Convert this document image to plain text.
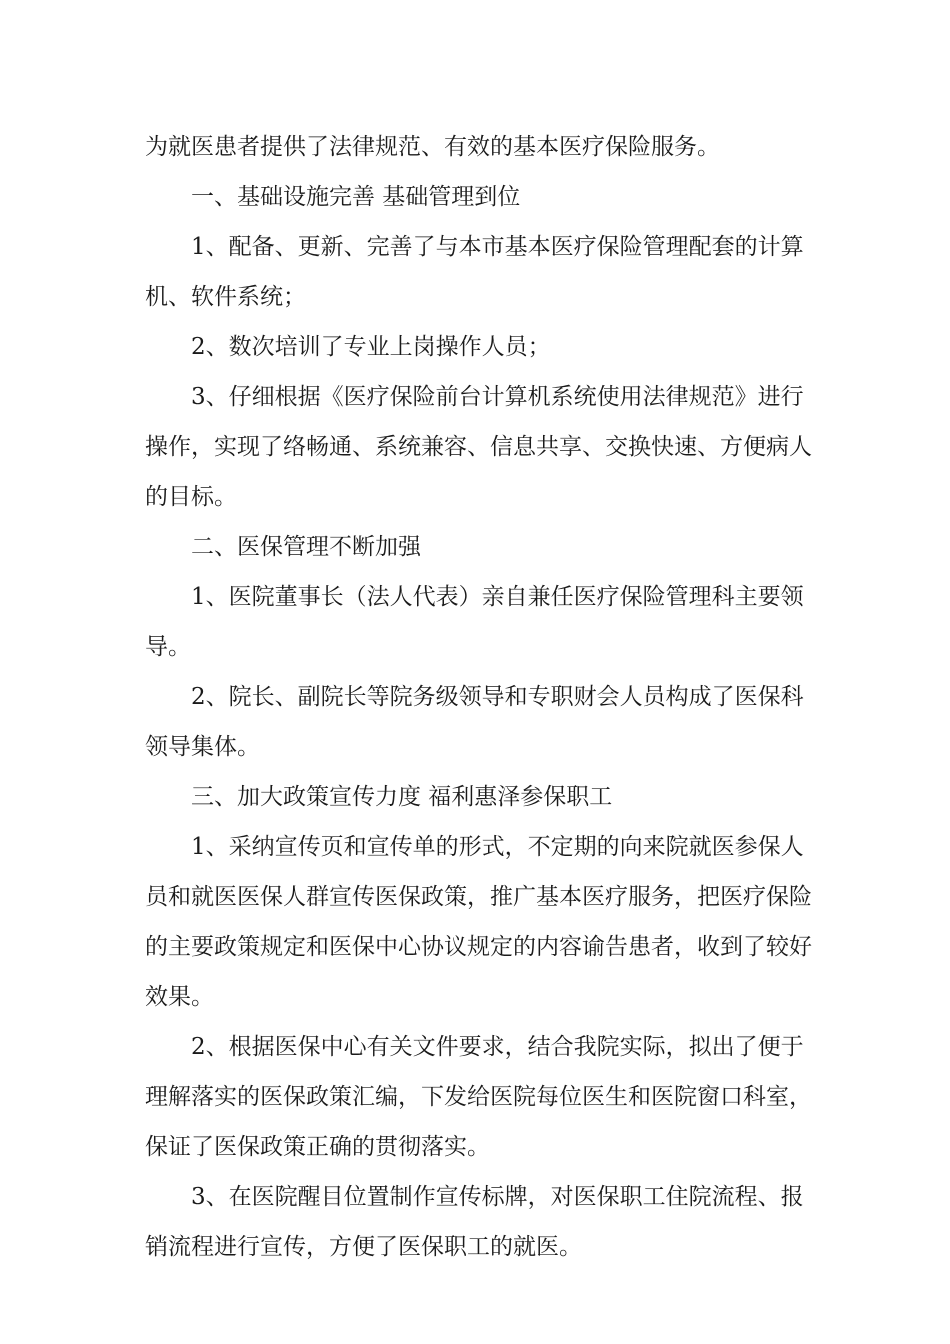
为就医患者提供了法律规范、有效的基本医疗保险服务。

一、基础设施完善 基础管理到位

1、配备、更新、完善了与本市基本医疗保险管理配套的计算机、软件系统；

2、数次培训了专业上岗操作人员；

3、仔细根据《医疗保险前台计算机系统使用法律规范》进行操作，实现了络畅通、系统兼容、信息共享、交换快速、方便病人的目标。

二、医保管理不断加强

1、医院董事长（法人代表）亲自兼任医疗保险管理科主要领导。

2、院长、副院长等院务级领导和专职财会人员构成了医保科领导集体。

三、加大政策宣传力度 福利惠泽参保职工

1、采纳宣传页和宣传单的形式，不定期的向来院就医参保人员和就医医保人群宣传医保政策，推广基本医疗服务，把医疗保险的主要政策规定和医保中心协议规定的内容谕告患者，收到了较好效果。

2、根据医保中心有关文件要求，结合我院实际，拟出了便于理解落实的医保政策汇编，下发给医院每位医生和医院窗口科室，保证了医保政策正确的贯彻落实。

3、在医院醒目位置制作宣传标牌，对医保职工住院流程、报销流程进行宣传，方便了医保职工的就医。
